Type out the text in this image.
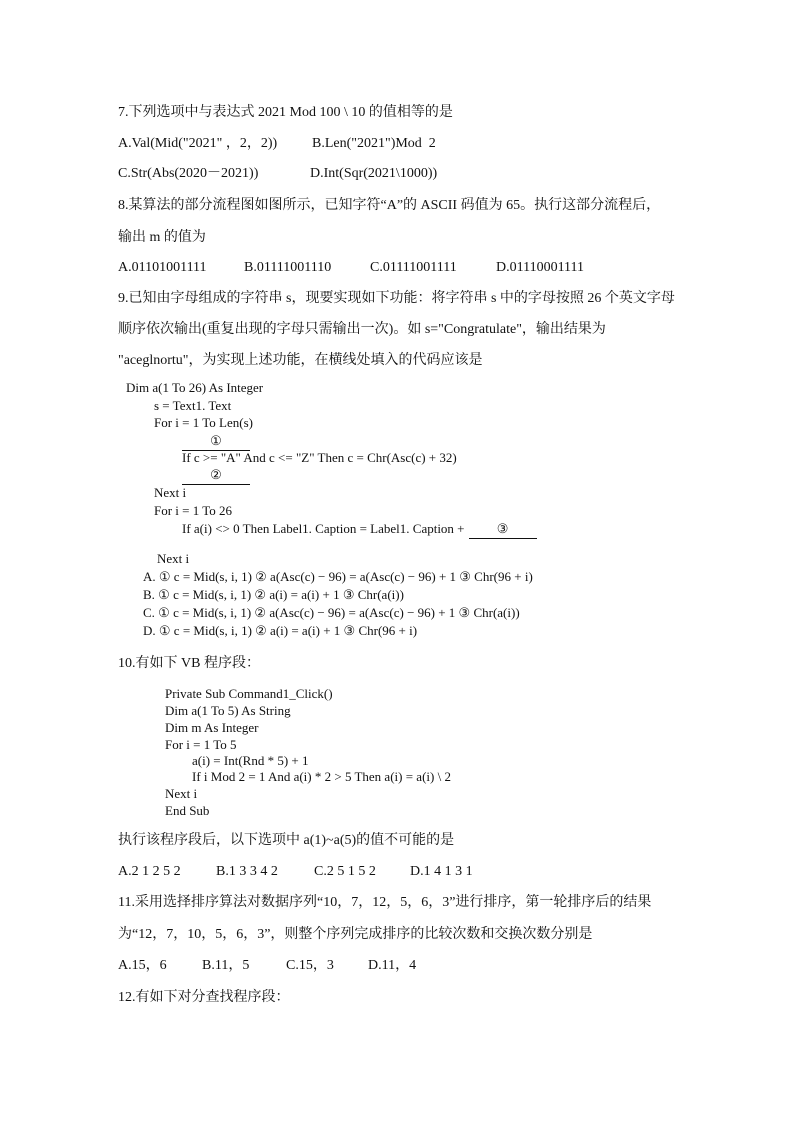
7.下列选项中与表达式 2021 Mod 100 \ 10 的值相等的是
A.Val(Mid("2021" ，2，2)) B.Len("2021")Mod  2
C.Str(Abs(2020－2021))	D.Int(Sqr(2021\1000))
8.某算法的部分流程图如图所示，已知字符“A”的 ASCII 码值为 65。执行这部分流程后，
输出 m 的值为
A.01101001111	B.01111001110	C.01111001111	D.01110001111
9.已知由字母组成的字符串 s，现要实现如下功能：将字符串 s 中的字母按照 26 个英文字母
顺序依次输出(重复出现的字母只需输出一次)。如 s="Congratulate"，输出结果为
"aceglnortu"，为实现上述功能，在横线处填入的代码应该是
Dim a(1 To 26) As Integer
s = Text1. Text
For i = 1 To Len(s)
①
If c >= "A" And c <= "Z" Then c = Chr(Asc(c) + 32)
②
Next i
For i = 1 To 26
If a(i) <> 0 Then Label1. Caption = Label1. Caption + ③
Next i
A. ① c = Mid(s, i, 1) ② a(Asc(c) − 96) = a(Asc(c) − 96) + 1 ③ Chr(96 + i)
B. ① c = Mid(s, i, 1) ② a(i) = a(i) + 1 ③ Chr(a(i))
C. ① c = Mid(s, i, 1) ② a(Asc(c) − 96) = a(Asc(c) − 96) + 1 ③ Chr(a(i))
D. ① c = Mid(s, i, 1) ② a(i) = a(i) + 1 ③ Chr(96 + i)
10.有如下 VB 程序段：
Private Sub Command1_Click()
Dim a(1 To 5) As String
Dim m As Integer
For i = 1 To 5
a(i) = Int(Rnd * 5) + 1
If i Mod 2 = 1 And a(i) * 2 > 5 Then a(i) = a(i) \ 2
Next i
End Sub
执行该程序段后，以下选项中 a(1)~a(5)的值不可能的是
A.2 1 2 5 2	B.1 3 3 4 2	C.2 5 1 5 2 D.1 4 1 3 1
11.采用选择排序算法对数据序列“10，7，12，5，6，3”进行排序，第一轮排序后的结果
为“12，7，10，5，6，3”，则整个序列完成排序的比较次数和交换次数分别是
A.15，6	B.11，5	C.15，3 D.11，4
12.有如下对分查找程序段：
